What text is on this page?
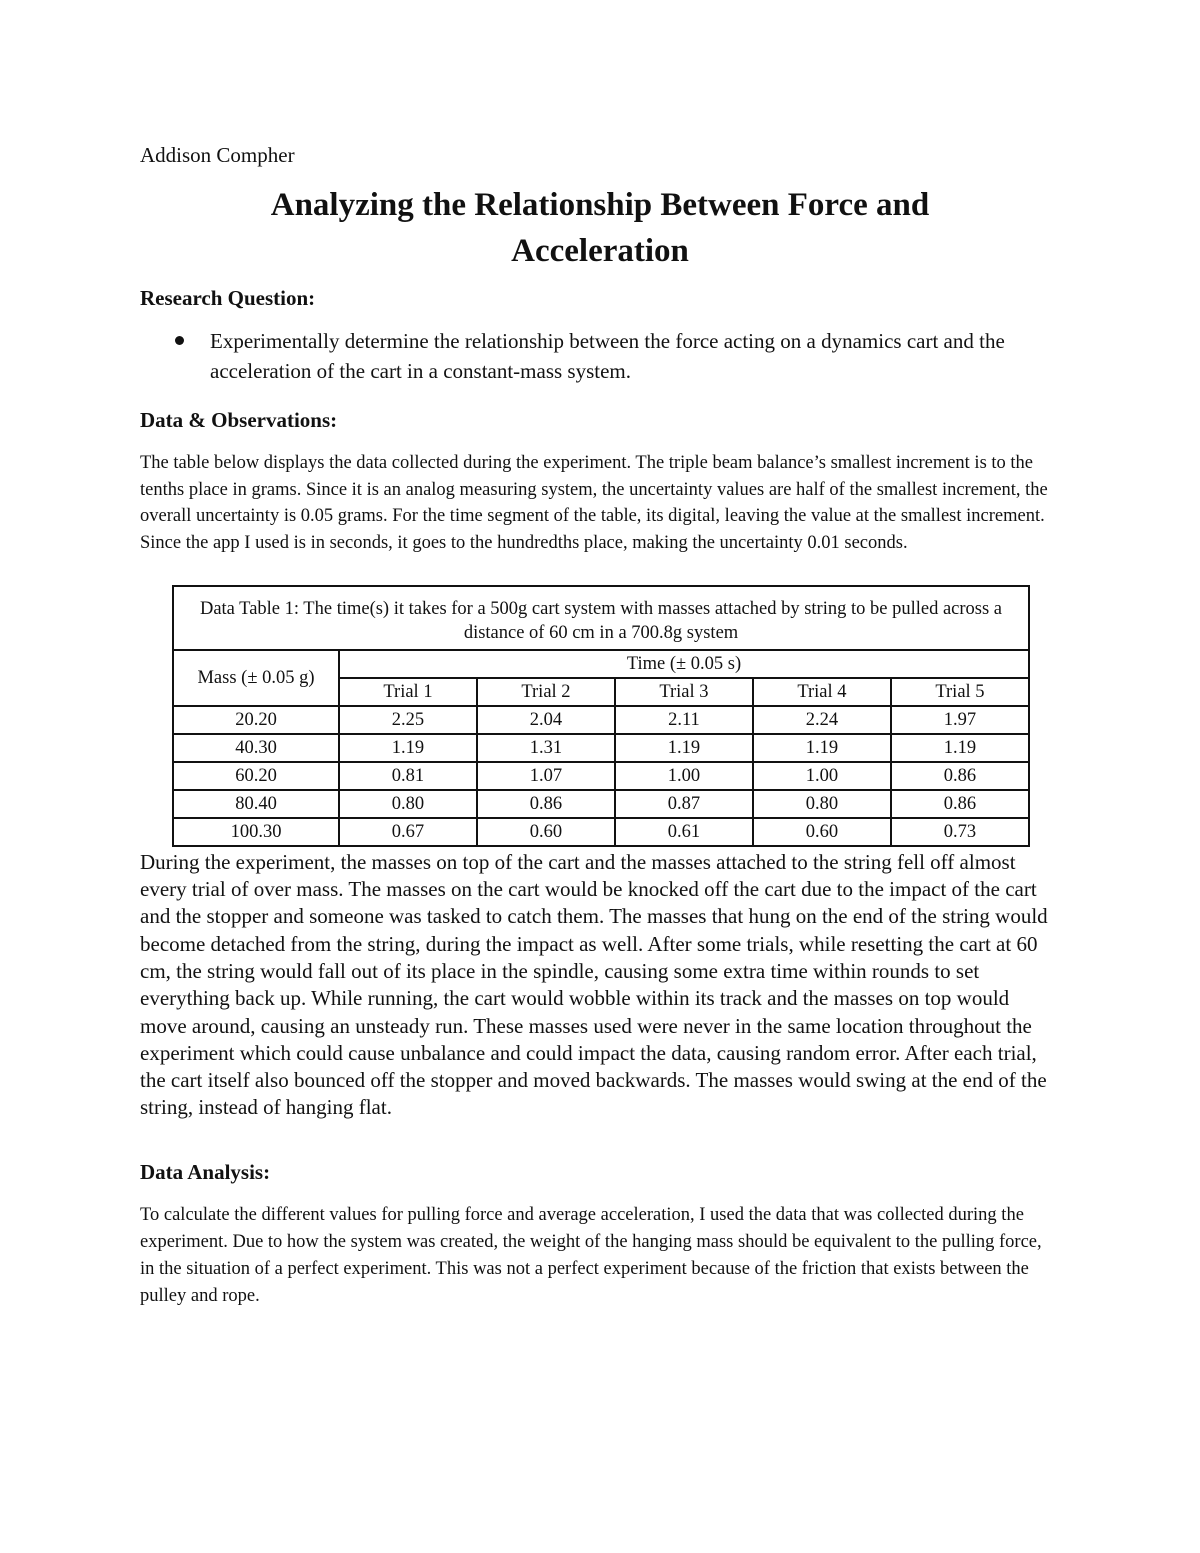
Addison Compher

Analyzing the Relationship Between Force and Acceleration
Research Question:
Experimentally determine the relationship between the force acting on a dynamics cart and the acceleration of the cart in a constant-mass system.
Data & Observations:

The table below displays the data collected during the experiment. The triple beam balance’s smallest increment is to the tenths place in grams. Since it is an analog measuring system, the uncertainty values are half of the smallest increment, the overall uncertainty is 0.05 grams. For the time segment of the table, its digital, leaving the value at the smallest increment. Since the app I used is in seconds, it goes to the hundredths place, making the uncertainty 0.01 seconds.

Data Table 1: The time(s) it takes for a 500g cart system with masses attached by string to be pulled across a distance of 60 cm in a 700.8g system					
Mass (± 0.05 g)	Time (± 0.05 s)				
	Trial 1	Trial 2	Trial 3	Trial 4	Trial 5
20.20	2.25	2.04	2.11	2.24	1.97
40.30	1.19	1.31	1.19	1.19	1.19
60.20	0.81	1.07	1.00	1.00	0.86
80.40	0.80	0.86	0.87	0.80	0.86
100.30	0.67	0.60	0.61	0.60	0.73

During the experiment, the masses on top of the cart and the masses attached to the string fell off almost every trial of over mass. The masses on the cart would be knocked off the cart due to the impact of the cart and the stopper and someone was tasked to catch them. The masses that hung on the end of the string would become detached from the string, during the impact as well. After some trials, while resetting the cart at 60 cm, the string would fall out of its place in the spindle, causing some extra time within rounds to set everything back up. While running, the cart would wobble within its track and the masses on top would move around, causing an unsteady run. These masses used were never in the same location throughout the experiment which could cause unbalance and could impact the data, causing random error. After each trial, the cart itself also bounced off the stopper and moved backwards. The masses would swing at the end of the string, instead of hanging flat.

Data Analysis:

To calculate the different values for pulling force and average acceleration, I used the data that was collected during the experiment. Due to how the system was created, the weight of the hanging mass should be equivalent to the pulling force, in the situation of a perfect experiment. This was not a perfect experiment because of the friction that exists between the pulley and rope.
